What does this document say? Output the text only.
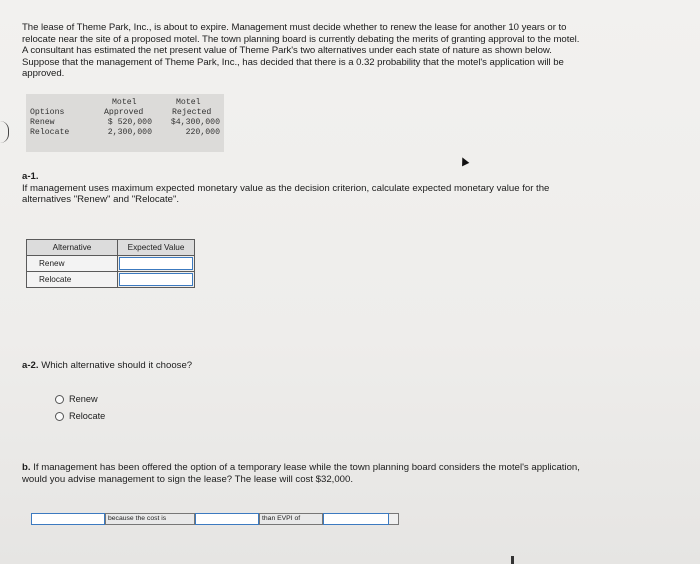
The lease of Theme Park, Inc., is about to expire. Management must decide whether to renew the lease for another 10 years or to

relocate near the site of a proposed motel. The town planning board is currently debating the merits of granting approval to the motel.

A consultant has estimated the net present value of Theme Park's two alternatives under each state of nature as shown below.

Suppose that the management of Theme Park, Inc., has decided that there is a 0.32 probability that the motel's application will be

approved.

Motel	Motel
Options	Approved	Rejected
Renew	$ 520,000	$4,300,000
Relocate	2,300,000	220,000
a-1.
If management uses maximum expected monetary value as the decision criterion, calculate expected monetary value for the
alternatives "Renew" and "Relocate".
Alternative	Expected Value
Renew	

Relocate	
a-2. Which alternative should it choose?
Renew
Relocate
b. If management has been offered the option of a temporary lease while the town planning board considers the motel's application,
would you advise management to sign the lease? The lease will cost $32,000.
because the cost is	than EVPI of
